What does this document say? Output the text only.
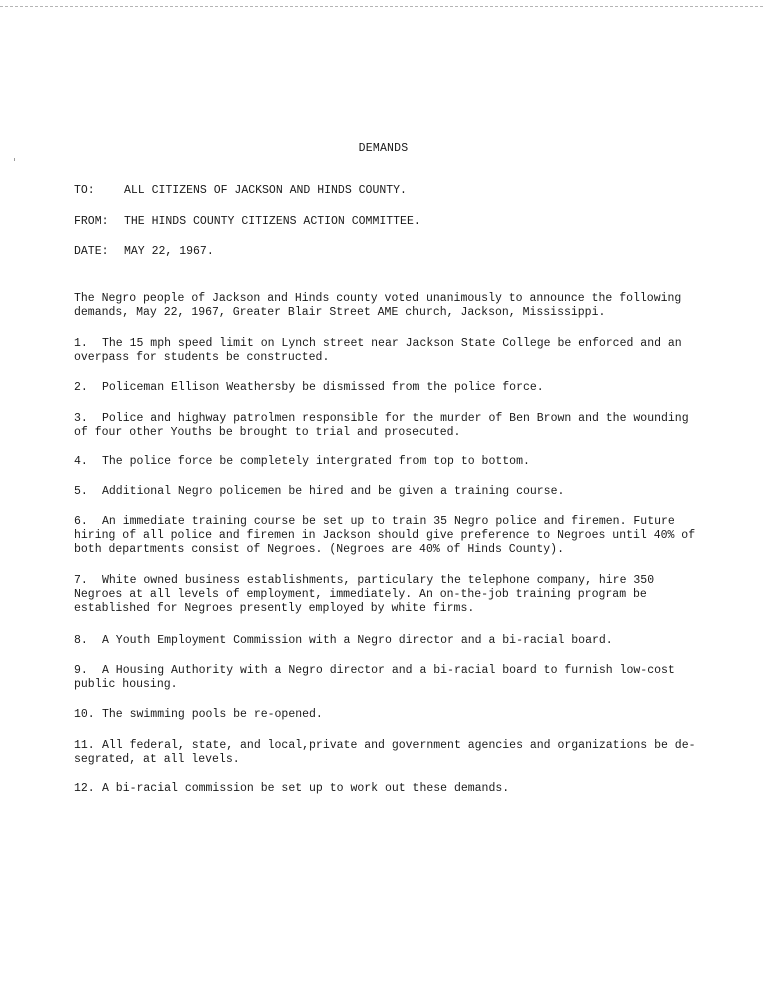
DEMANDS

TO:	ALL CITIZENS OF JACKSON AND HINDS COUNTY.

FROM: THE HINDS COUNTY CITIZENS ACTION COMMITTEE.

DATE: MAY 22, 1967.

The Negro people of Jackson and Hinds county voted unanimously to announce the following demands, May 22, 1967, Greater Blair Street AME church, Jackson, Mississippi.

1. The 15 mph speed limit on Lynch street near Jackson State College be enforced and an overpass for students be constructed.

2. Policeman Ellison Weathersby be dismissed from the police force.

3. Police and highway patrolmen responsible for the murder of Ben Brown and the wounding of four other Youths be brought to trial and prosecuted.

4. The police force be completely intergrated from top to bottom.

5. Additional Negro policemen be hired and be given a training course.

6. An immediate training course be set up to train 35 Negro police and firemen. Future hiring of all police and firemen in Jackson should give preference to Negroes until 40% of both departments consist of Negroes. (Negroes are 40% of Hinds County).

7. White owned business establishments, particulary the telephone company, hire 350 Negroes at all levels of employment, immediately. An on-the-job training program be established for Negroes presently employed by white firms.

8. A Youth Employment Commission with a Negro director and a bi-racial board.

9. A Housing Authority with a Negro director and a bi-racial board to furnish low-cost public housing.

10. The swimming pools be re-opened.

11. All federal, state, and local,private and government agencies and organizations be de-segrated, at all levels.

12. A bi-racial commission be set up to work out these demands.
